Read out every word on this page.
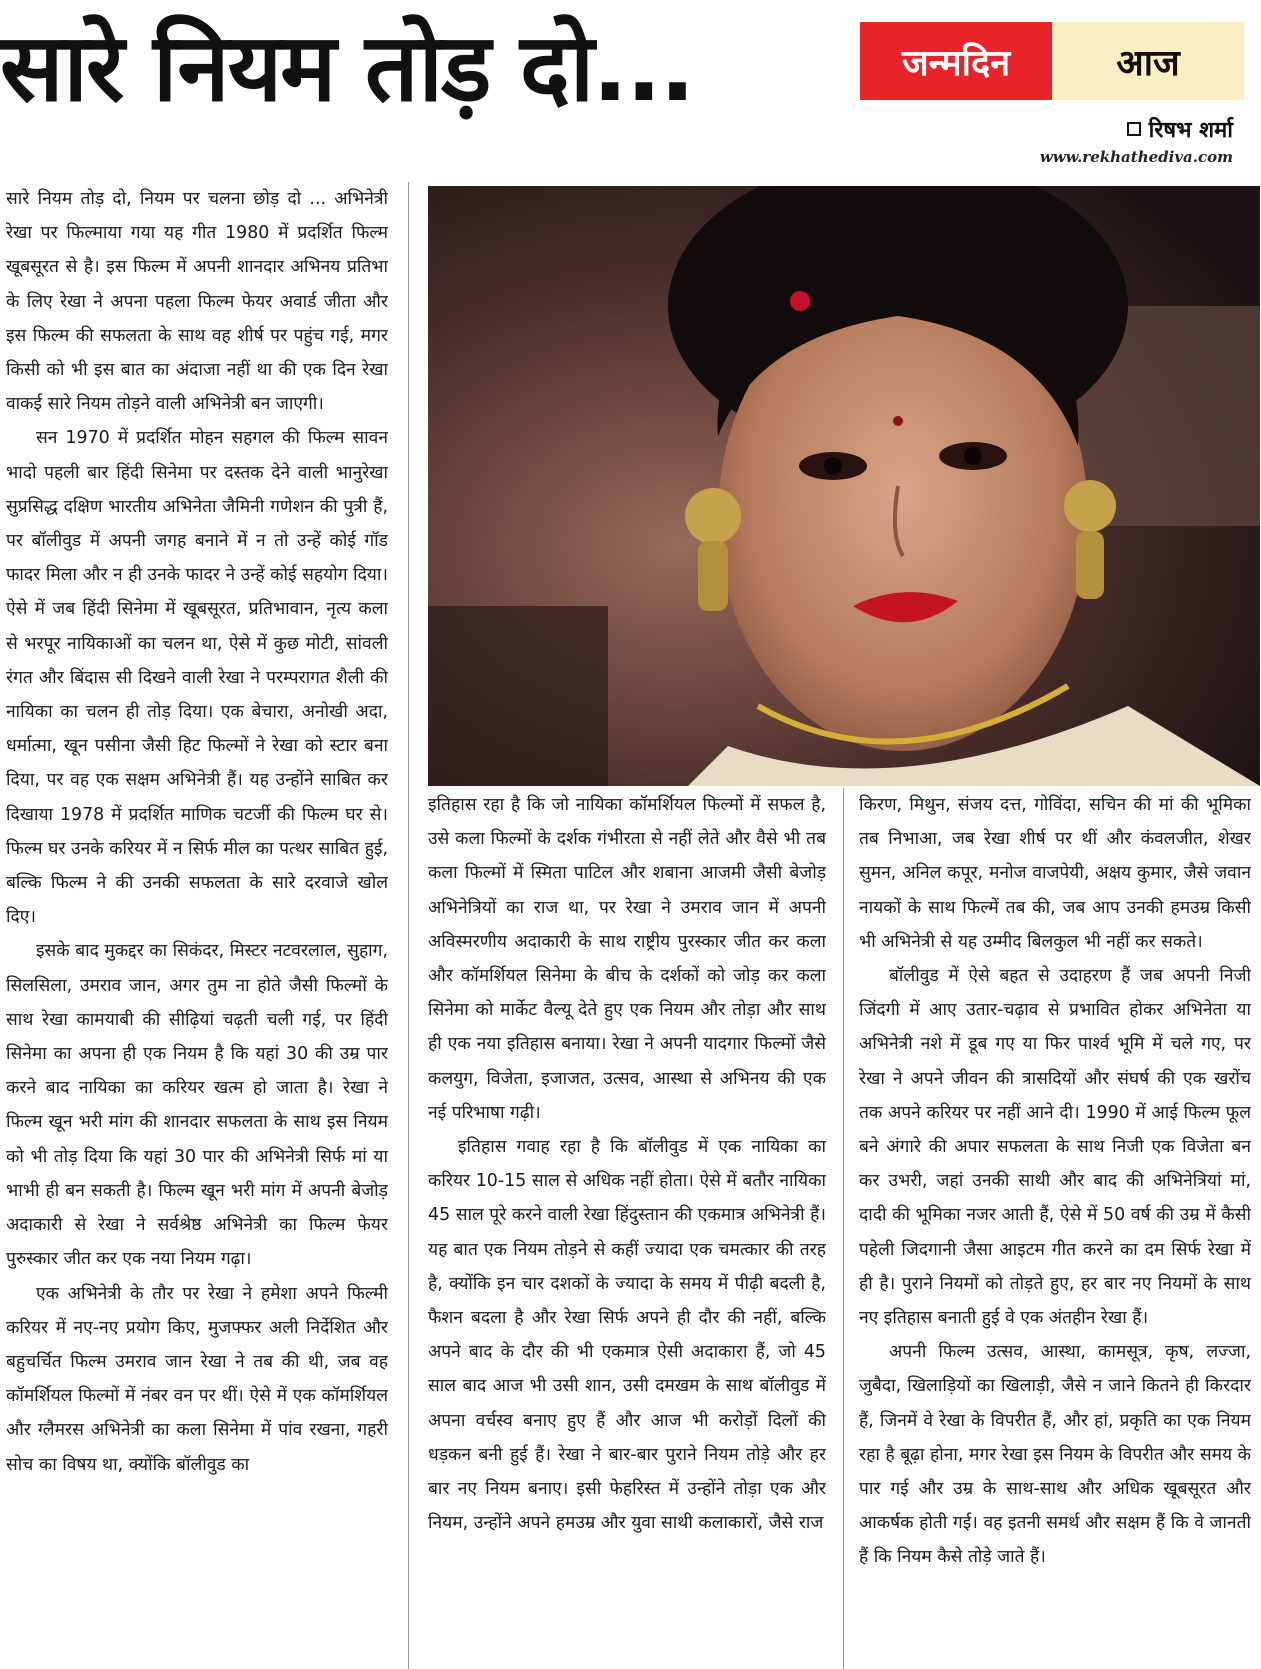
सारे नियम तोड़ दो...	जन्मदिन	आज
रिषभ शर्मा
www.rekhathediva.com

सारे नियम तोड़ दो, नियम पर चलना छोड़ दो ... अभिनेत्री रेखा पर फिल्माया गया यह गीत 1980 में प्रदर्शित फिल्म खूबसूरत से है। इस फिल्म में अपनी शानदार अभिनय प्रतिभा के लिए रेखा ने अपना पहला फिल्म फेयर अवार्ड जीता और इस फिल्म की सफलता के साथ वह शीर्ष पर पहुंच गई, मगर किसी को भी इस बात का अंदाजा नहीं था की एक दिन रेखा वाकई सारे नियम तोड़ने वाली अभिनेत्री बन जाएगी।

सन 1970 में प्रदर्शित मोहन सहगल की फिल्म सावन भादो पहली बार हिंदी सिनेमा पर दस्तक देने वाली भानुरेखा सुप्रसिद्ध दक्षिण भारतीय अभिनेता जैमिनी गणेशन की पुत्री हैं, पर बॉलीवुड में अपनी जगह बनाने में न तो उन्हें कोई गॉड फादर मिला और न ही उनके फादर ने उन्हें कोई सहयोग दिया। ऐसे में जब हिंदी सिनेमा में खूबसूरत, प्रतिभावान, नृत्य कला से भरपूर नायिकाओं का चलन था, ऐसे में कुछ मोटी, सांवली रंगत और बिंदास सी दिखने वाली रेखा ने परम्परागत शैली की नायिका का चलन ही तोड़ दिया। एक बेचारा, अनोखी अदा, धर्मात्मा, खून पसीना जैसी हिट फिल्मों ने रेखा को स्टार बना दिया, पर वह एक सक्षम अभिनेत्री हैं। यह उन्होंने साबित कर दिखाया 1978 में प्रदर्शित माणिक चटर्जी की फिल्म घर से। फिल्म घर उनके करियर में न सिर्फ मील का पत्थर साबित हुई, बल्कि फिल्म ने की उनकी सफलता के सारे दरवाजे खोल दिए।

इसके बाद मुकद्दर का सिकंदर, मिस्टर नटवरलाल, सुहाग, सिलसिला, उमराव जान, अगर तुम ना होते जैसी फिल्मों के साथ रेखा कामयाबी की सीढ़ियां चढ़ती चली गई, पर हिंदी सिनेमा का अपना ही एक नियम है कि यहां 30 की उम्र पार करने बाद नायिका का करियर खत्म हो जाता है। रेखा ने फिल्म खून भरी मांग की शानदार सफलता के साथ इस नियम को भी तोड़ दिया कि यहां 30 पार की अभिनेत्री सिर्फ मां या भाभी ही बन सकती है। फिल्म खून भरी मांग में अपनी बेजोड़ अदाकारी से रेखा ने सर्वश्रेष्ठ अभिनेत्री का फिल्म फेयर पुरुस्कार जीत कर एक नया नियम गढ़ा।

एक अभिनेत्री के तौर पर रेखा ने हमेशा अपने फिल्मी करियर में नए-नए प्रयोग किए, मुजफ्फर अली निर्देशित और बहुचर्चित फिल्म उमराव जान रेखा ने तब की थी, जब वह कॉमर्शियल फिल्मों में नंबर वन पर थीं। ऐसे में एक कॉमर्शियल और ग्लैमरस अभिनेत्री का कला सिनेमा में पांव रखना, गहरी सोच का विषय था, क्योंकि बॉलीवुड का

इतिहास रहा है कि जो नायिका कॉमर्शियल फिल्मों में सफल है, उसे कला फिल्मों के दर्शक गंभीरता से नहीं लेते और वैसे भी तब कला फिल्मों में स्मिता पाटिल और शबाना आजमी जैसी बेजोड़ अभिनेत्रियों का राज था, पर रेखा ने उमराव जान में अपनी अविस्मरणीय अदाकारी के साथ राष्ट्रीय पुरस्कार जीत कर कला और कॉमर्शियल सिनेमा के बीच के दर्शकों को जोड़ कर कला सिनेमा को मार्केट वैल्यू देते हुए एक नियम और तोड़ा और साथ ही एक नया इतिहास बनाया। रेखा ने अपनी यादगार फिल्मों जैसे कलयुग, विजेता, इजाजत, उत्सव, आस्था से अभिनय की एक नई परिभाषा गढ़ी।

इतिहास गवाह रहा है कि बॉलीवुड में एक नायिका का करियर 10-15 साल से अधिक नहीं होता। ऐसे में बतौर नायिका 45 साल पूरे करने वाली रेखा हिंदुस्तान की एकमात्र अभिनेत्री हैं। यह बात एक नियम तोड़ने से कहीं ज्यादा एक चमत्कार की तरह है, क्योंकि इन चार दशकों के ज्यादा के समय में पीढ़ी बदली है, फैशन बदला है और रेखा सिर्फ अपने ही दौर की नहीं, बल्कि अपने बाद के दौर की भी एकमात्र ऐसी अदाकारा हैं, जो 45 साल बाद आज भी उसी शान, उसी दमखम के साथ बॉलीवुड में अपना वर्चस्व बनाए हुए हैं और आज भी करोड़ों दिलों की धड़कन बनी हुई हैं। रेखा ने बार-बार पुराने नियम तोड़े और हर बार नए नियम बनाए। इसी फेहरिस्त में उन्होंने तोड़ा एक और नियम, उन्होंने अपने हमउम्र और युवा साथी कलाकारों, जैसे राज

किरण, मिथुन, संजय दत्त, गोविंदा, सचिन की मां की भूमिका तब निभाआ, जब रेखा शीर्ष पर थीं और कंवलजीत, शेखर सुमन, अनिल कपूर, मनोज वाजपेयी, अक्षय कुमार, जैसे जवान नायकों के साथ फिल्में तब की, जब आप उनकी हमउम्र किसी भी अभिनेत्री से यह उम्मीद बिलकुल भी नहीं कर सकते।

बॉलीवुड में ऐसे बहत से उदाहरण हैं जब अपनी निजी जिंदगी में आए उतार-चढ़ाव से प्रभावित होकर अभिनेता या अभिनेत्री नशे में डूब गए या फिर पार्श्व भूमि में चले गए, पर रेखा ने अपने जीवन की त्रासदियों और संघर्ष की एक खरोंच तक अपने करियर पर नहीं आने दी। 1990 में आई फिल्म फूल बने अंगारे की अपार सफलता के साथ निजी एक विजेता बन कर उभरी, जहां उनकी साथी और बाद की अभिनेत्रियां मां, दादी की भूमिका नजर आती हैं, ऐसे में 50 वर्ष की उम्र में कैसी पहेली जिदगानी जैसा आइटम गीत करने का दम सिर्फ रेखा में ही है। पुराने नियमों को तोड़ते हुए, हर बार नए नियमों के साथ नए इतिहास बनाती हुई वे एक अंतहीन रेखा हैं।

अपनी फिल्म उत्सव, आस्था, कामसूत्र, कृष, लज्जा, जुबैदा, खिलाड़ियों का खिलाड़ी, जैसे न जाने कितने ही किरदार हैं, जिनमें वे रेखा के विपरीत हैं, और हां, प्रकृति का एक नियम रहा है बूढ़ा होना, मगर रेखा इस नियम के विपरीत और समय के पार गई और उम्र के साथ-साथ और अधिक खूबसूरत और आकर्षक होती गई। वह इतनी समर्थ और सक्षम हैं कि वे जानती हैं कि नियम कैसे तोड़े जाते हैं।
